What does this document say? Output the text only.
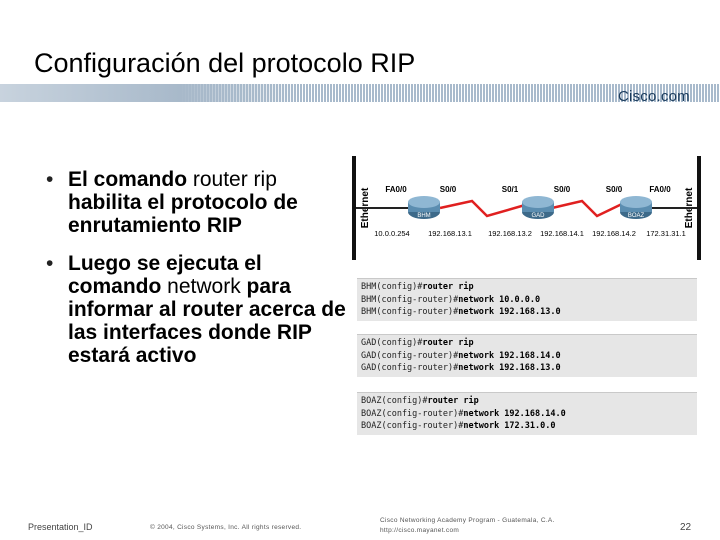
Configuración del protocolo RIP
Cisco.com
• El comando router rip habilita el protocolo de enrutamiento RIP
• Luego se ejecuta el comando network para informar al router acerca de las interfaces donde RIP estará activo
Ethernet	Ethernet
BHM	GAD	BOAZ
FA0/0	S0/0	S0/1	S0/0	S0/0	FA0/0
10.0.0.254 192.168.13.1 192.168.13.2 192.168.14.1 192.168.14.2 172.31.31.1
BHM(config)#router rip
BHM(config-router)#network 10.0.0.0
BHM(config-router)#network 192.168.13.0
GAD(config)#router rip
GAD(config-router)#network 192.168.14.0
GAD(config-router)#network 192.168.13.0
BOAZ(config)#router rip
BOAZ(config-router)#network 192.168.14.0
BOAZ(config-router)#network 172.31.0.0
Presentation_ID	© 2004, Cisco Systems, Inc. All rights reserved.
Cisco Networking Academy Program - Guatemala, C.A.
http://cisco.mayanet.com	22
